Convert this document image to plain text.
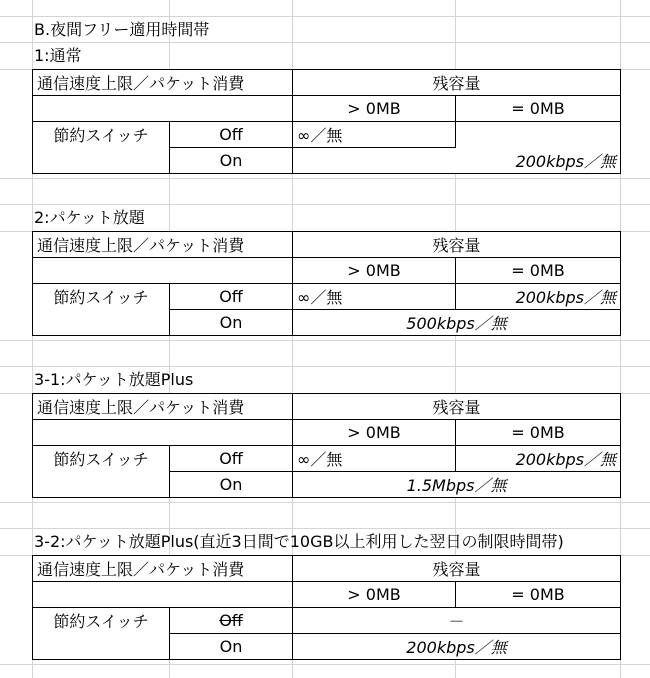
B.夜間フリー適用時間帯
1:通常
通信速度上限／パケット消費		残容量	
		> 0MB	= 0MB
節約スイッチ	Off	∞／無	
	On		200kbps／無
2:パケット放題
通信速度上限／パケット消費		残容量	
		> 0MB	= 0MB
節約スイッチ	Off	∞／無	200kbps／無
	On	500kbps／無	
3-1:パケット放題Plus
通信速度上限／パケット消費		残容量	
		> 0MB	= 0MB
節約スイッチ	Off	∞／無	200kbps／無
	On	1.5Mbps／無	
3-2:パケット放題Plus(直近3日間で10GB以上利用した翌日の制限時間帯)
通信速度上限／パケット消費		残容量	
		> 0MB	= 0MB
節約スイッチ	Off	－	
	On	200kbps／無	
